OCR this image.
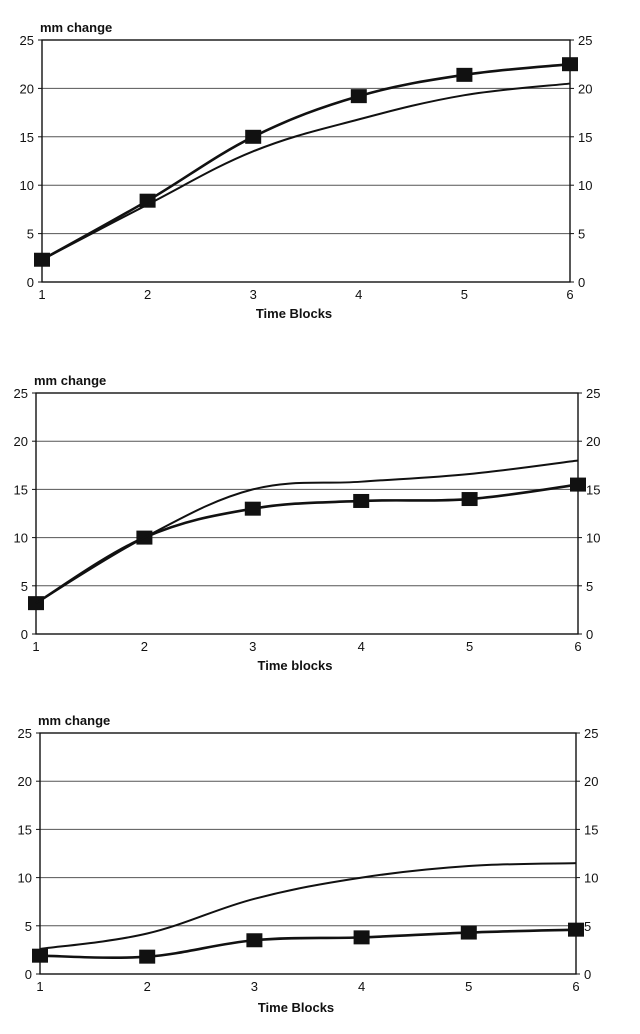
0	0
5	5
10	10
15	15
20	20
25	25
1	2	3	4	5	6
mm change
Time Blocks
0	0
5	5
10	10
15	15
20	20
25	25
1	2	3	4	5	6
mm change
Time blocks
0	0
5	5
10	10
15	15
20	20
25	25
1	2	3	4	5	6
mm change
Time Blocks
